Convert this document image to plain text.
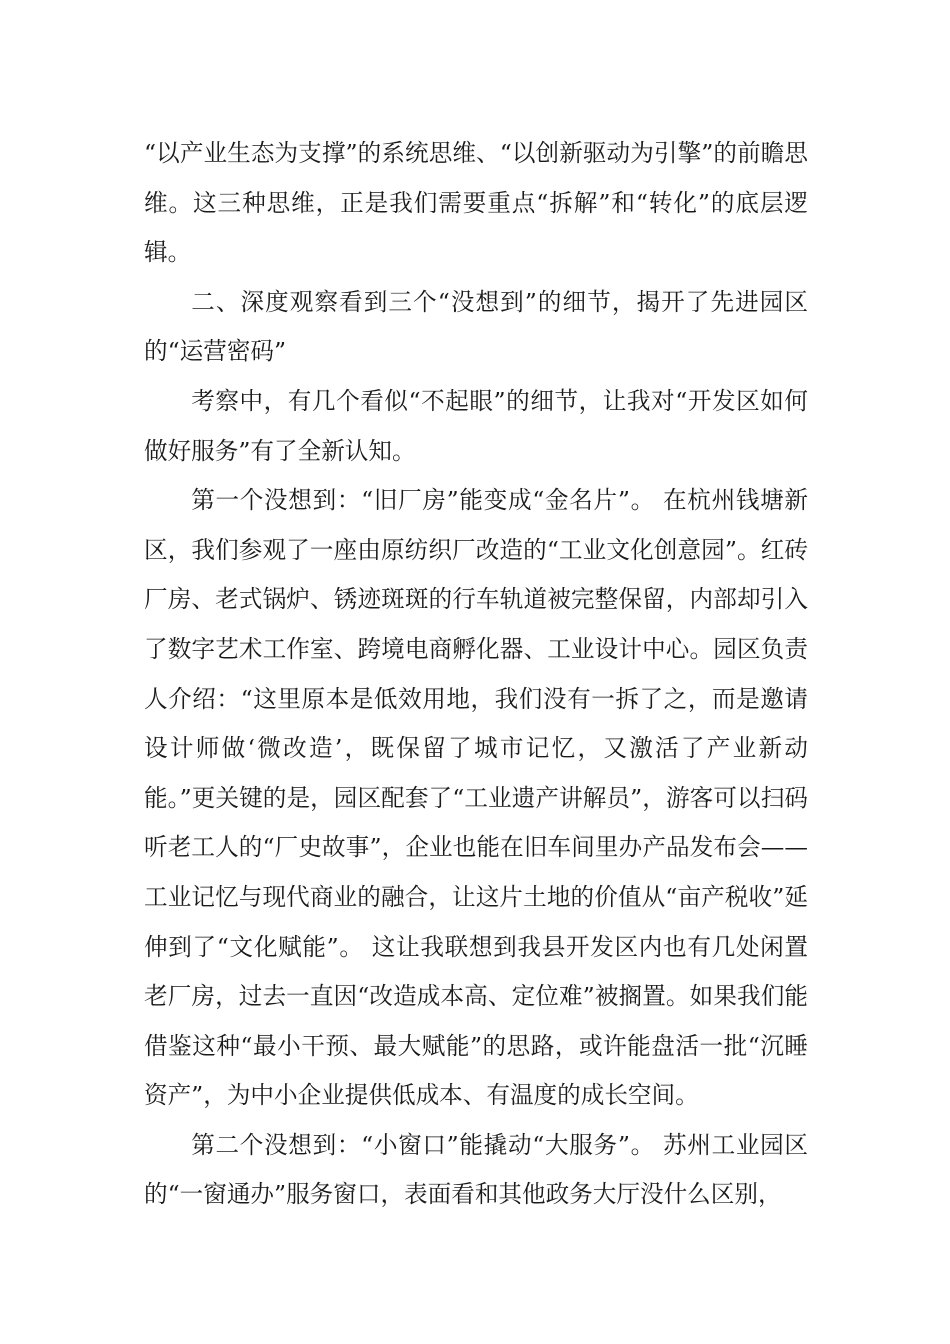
“以产业生态为支撑”的系统思维、“以创新驱动为引擎”的前瞻思维。这三种思维，正是我们需要重点“拆解”和“转化”的底层逻辑。

二、深度观察看到三个“没想到”的细节，揭开了先进园区的“运营密码”

考察中，有几个看似“不起眼”的细节，让我对“开发区如何做好服务”有了全新认知。

第一个没想到：“旧厂房”能变成“金名片”。 在杭州钱塘新区，我们参观了一座由原纺织厂改造的“工业文化创意园”。红砖厂房、老式锅炉、锈迹斑斑的行车轨道被完整保留，内部却引入了数字艺术工作室、跨境电商孵化器、工业设计中心。园区负责人介绍：“这里原本是低效用地，我们没有一拆了之，而是邀请设计师做‘微改造’，既保留了城市记忆，又激活了产业新动能。”更关键的是，园区配套了“工业遗产讲解员”，游客可以扫码听老工人的“厂史故事”，企业也能在旧车间里办产品发布会——工业记忆与现代商业的融合，让这片土地的价值从“亩产税收”延伸到了“文化赋能”。 这让我联想到我县开发区内也有几处闲置老厂房，过去一直因“改造成本高、定位难”被搁置。如果我们能借鉴这种“最小干预、最大赋能”的思路，或许能盘活一批“沉睡资产”，为中小企业提供低成本、有温度的成长空间。

第二个没想到：“小窗口”能撬动“大服务”。 苏州工业园区的“一窗通办”服务窗口，表面看和其他政务大厅没什么区别，
